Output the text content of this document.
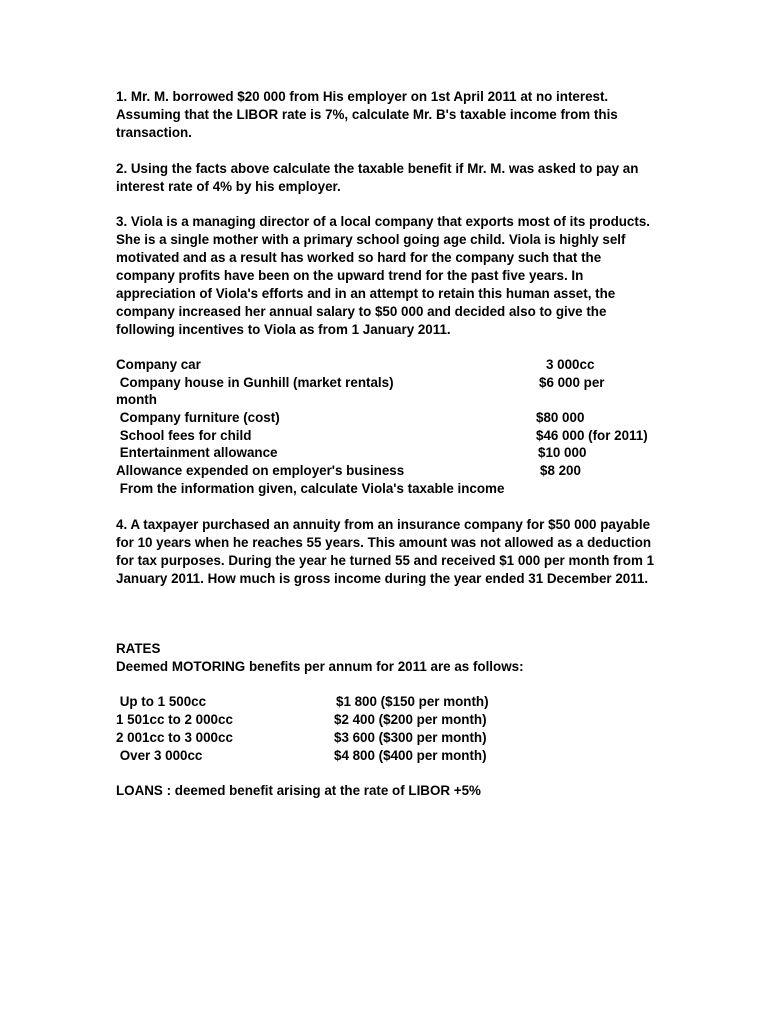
1. Mr. M. borrowed $20 000 from His employer on 1st April 2011 at no interest. Assuming that the LIBOR rate is 7%, calculate Mr. B's taxable income from this transaction.

2. Using the facts above calculate the taxable benefit if Mr. M. was asked to pay an interest rate of 4% by his employer.

3. Viola is a managing director of a local company that exports most of its products. She is a single mother with a primary school going age child. Viola is highly self motivated and as a result has worked so hard for the company such that the company profits have been on the upward trend for the past five years. In appreciation of Viola's efforts and in an attempt to retain this human asset, the company increased her annual salary to $50 000 and decided also to give the following incentives to Viola as from 1 January 2011.

Company car	3 000cc
Company house in Gunhill (market rentals)	$6 000 per
month
Company furniture (cost)	$80 000
School fees for child	$46 000 (for 2011)
Entertainment allowance	$10 000
Allowance expended on employer's business	$8 200
From the information given, calculate Viola's taxable income

4. A taxpayer purchased an annuity from an insurance company for $50 000 payable for 10 years when he reaches 55 years. This amount was not allowed as a deduction for tax purposes. During the year he turned 55 and received $1 000 per month from 1 January 2011. How much is gross income during the year ended 31 December 2011.

RATES
Deemed MOTORING benefits per annum for 2011 are as follows:
Up to 1 500cc	$1 800 ($150 per month)
1 501cc to 2 000cc	$2 400 ($200 per month)
2 001cc to 3 000cc	$3 600 ($300 per month)
Over 3 000cc	$4 800 ($400 per month)
LOANS : deemed benefit arising at the rate of LIBOR +5%
